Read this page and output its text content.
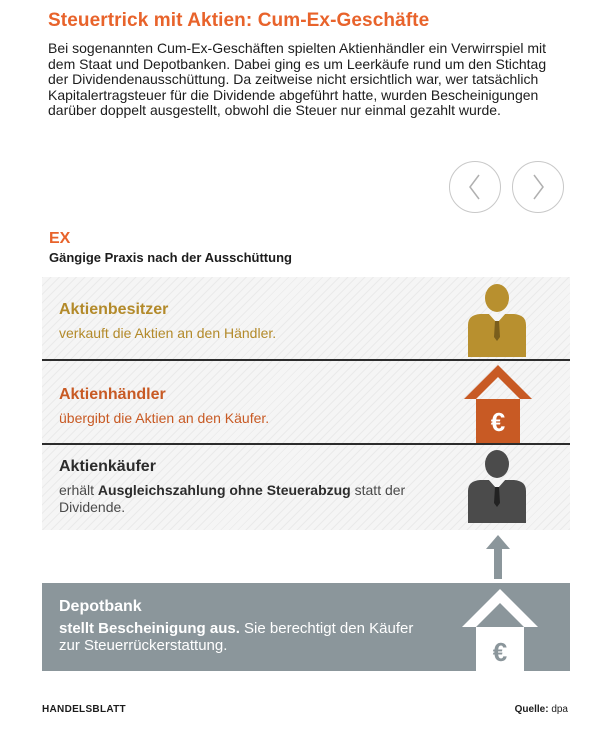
Steuertrick mit Aktien: Cum-Ex-Geschäfte

Bei sogenannten Cum-Ex-Geschäften spielten Aktienhändler ein Verwirrspiel mit dem Staat und Depotbanken. Dabei ging es um Leerkäufe rund um den Stichtag der Dividendenausschüttung. Da zeitweise nicht ersichtlich war, wer tatsächlich Kapitalertragsteuer für die Dividende abgeführt hatte, wurden Bescheinigungen darüber doppelt ausgestellt, obwohl die Steuer nur einmal gezahlt wurde.

EX
Gängige Praxis nach der Ausschüttung
Aktienbesitzer
verkauft die Aktien an den Händler.
Aktienhändler
übergibt die Aktien an den Käufer.	€
Aktienkäufer
erhält Ausgleichszahlung ohne Steuerabzug statt der Dividende.
Depotbank
stellt Bescheinigung aus. Sie berechtigt den Käufer zur Steuerrückerstattung.	€
HANDELSBLATT	Quelle: dpa
